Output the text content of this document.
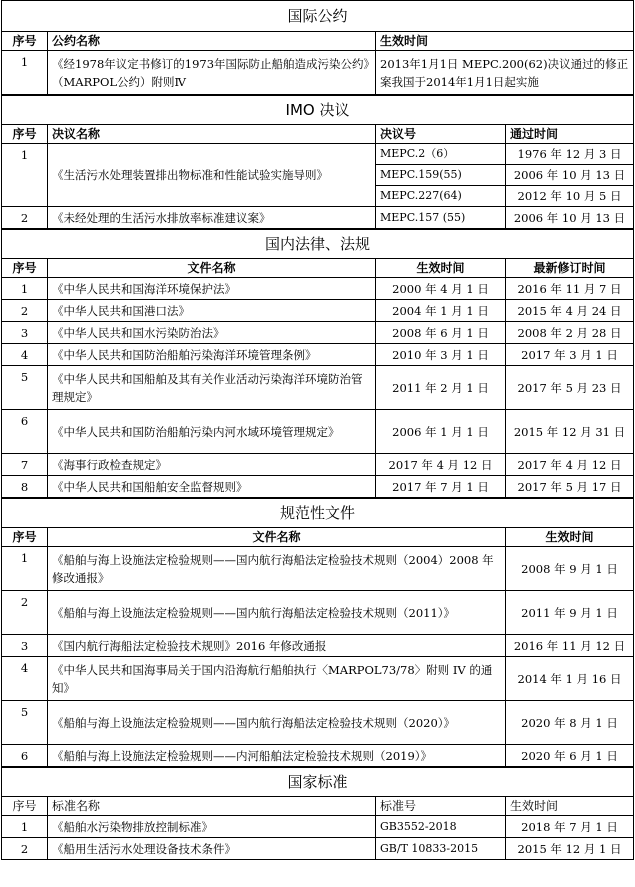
国际公约		
序号	公约名称	生效时间
1	《经1978年议定书修订的1973年国际防止船舶造成污染公约》（MARPOL公约）附则Ⅳ	2013年1月1日 MEPC.200(62)决议通过的修正案我国于2014年1月1日起实施
IMO 决议			
序号	决议名称	决议号	通过时间
1	《生活污水处理装置排出物标准和性能试验实施导则》	MEPC.2（6）	1976 年 12 月 3 日
		MEPC.159(55)	2006 年 10 月 13 日
		MEPC.227(64)	2012 年 10 月 5 日
2	《未经处理的生活污水排放率标准建议案》	MEPC.157 (55)	2006 年 10 月 13 日
国内法律、法规			
序号	文件名称	生效时间	最新修订时间
1	《中华人民共和国海洋环境保护法》	2000 年 4 月 1 日	2016 年 11 月 7 日
2	《中华人民共和国港口法》	2004 年 1 月 1 日	2015 年 4 月 24 日
3	《中华人民共和国水污染防治法》	2008 年 6 月 1 日	2008 年 2 月 28 日
4	《中华人民共和国防治船舶污染海洋环境管理条例》	2010 年 3 月 1 日	2017 年 3 月 1 日
5	《中华人民共和国船舶及其有关作业活动污染海洋环境防治管理规定》	2011 年 2 月 1 日	2017 年 5 月 23 日
6	《中华人民共和国防治船舶污染内河水域环境管理规定》	2006 年 1 月 1 日	2015 年 12 月 31 日
7	《海事行政检查规定》	2017 年 4 月 12 日	2017 年 4 月 12 日
8	《中华人民共和国船舶安全监督规则》	2017 年 7 月 1 日	2017 年 5 月 17 日
规范性文件		
序号	文件名称	生效时间
1	《船舶与海上设施法定检验规则——国内航行海船法定检验技术规则（2004）2008 年修改通报》	2008 年 9 月 1 日
2	《船舶与海上设施法定检验规则——国内航行海船法定检验技术规则（2011）》	2011 年 9 月 1 日
3	《国内航行海船法定检验技术规则》2016 年修改通报	2016 年 11 月 12 日
4	《中华人民共和国海事局关于国内沿海航行船舶执行〈MARPOL73/78〉附则 IV 的通 知》	2014 年 1 月 16 日
5	《船舶与海上设施法定检验规则——国内航行海船法定检验技术规则（2020）》	2020 年 8 月 1 日
6	《船舶与海上设施法定检验规则——内河船舶法定检验技术规则（2019）》	2020 年 6 月 1 日
国家标准			
序号	标准名称	标准号	生效时间
1	《船舶水污染物排放控制标准》	GB3552-2018	2018 年 7 月 1 日
2	《船用生活污水处理设备技术条件》	GB/T 10833-2015	2015 年 12 月 1 日
